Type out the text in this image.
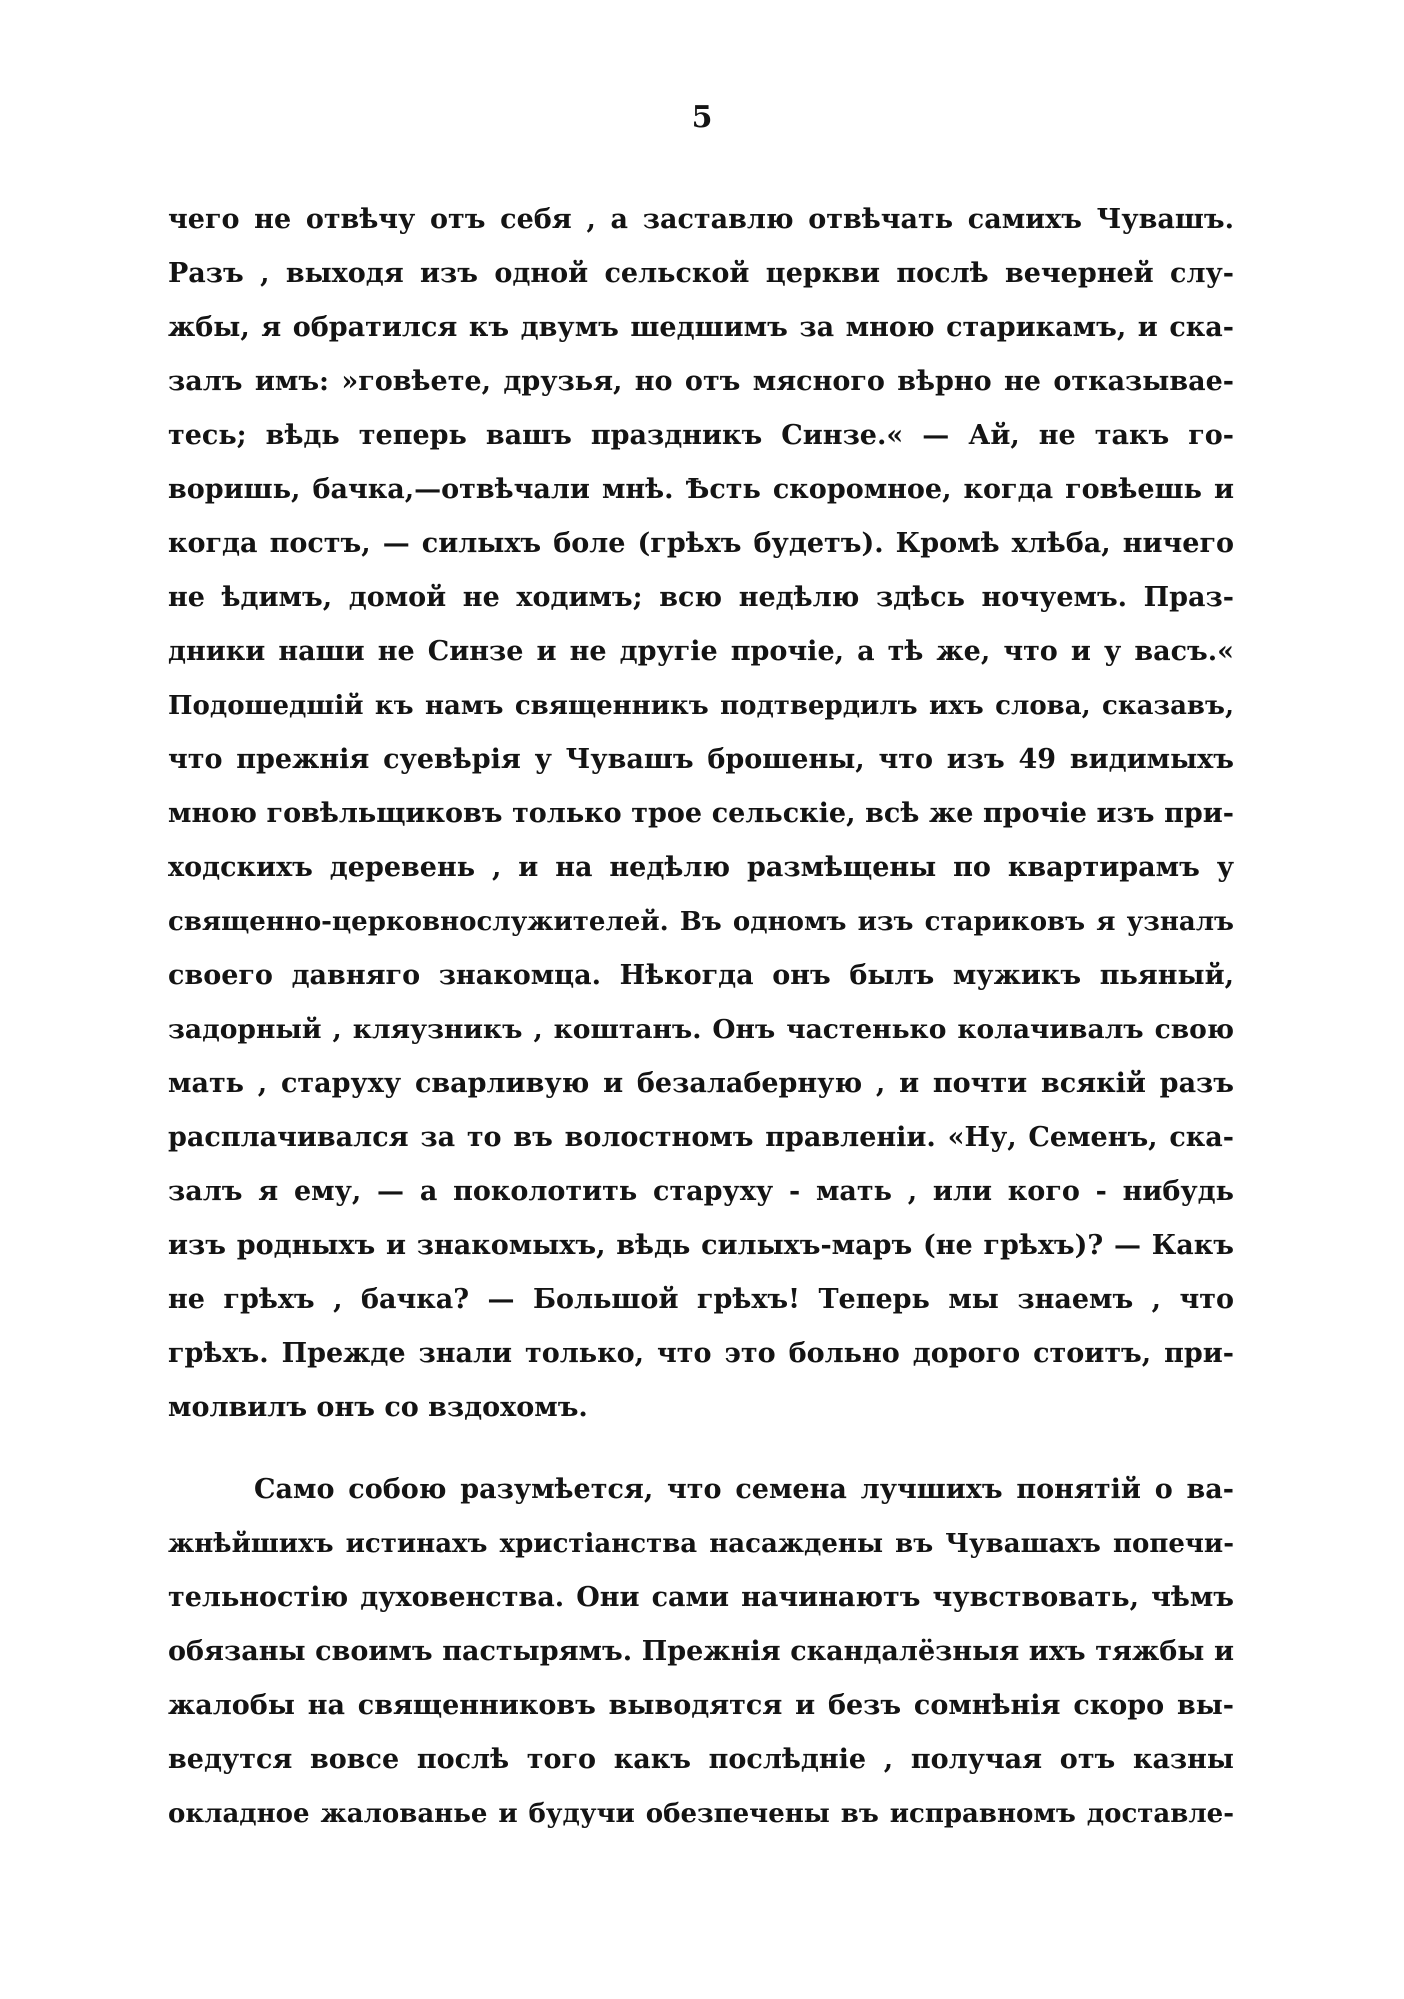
5
чего не отвѣчу отъ себя , а заставлю отвѣчать самихъ Чувашъ.
Разъ , выходя изъ одной сельской церкви послѣ вечерней слу-
жбы, я обратился къ двумъ шедшимъ за мною старикамъ, и ска-
залъ имъ: »говѣете, друзья, но отъ мясного вѣрно не отказывае-
тесь; вѣдь теперь вашъ праздникъ Синзе.« — Ай, не такъ го-
воришь, бачка,—отвѣчали мнѣ. Ѣсть скоромное, когда говѣешь и
когда постъ, — силыхъ боле (грѣхъ будетъ). Кромѣ хлѣба, ничего
не ѣдимъ, домой не ходимъ; всю недѣлю здѣсь ночуемъ. Праз-
дники наши не Синзе и не другiе прочiе, а тѣ же, что и у васъ.«
Подошедшiй къ намъ священникъ подтвердилъ ихъ слова, сказавъ,
что прежнiя суевѣрiя у Чувашъ брошены, что изъ 49 видимыхъ
мною говѣльщиковъ только трое сельскiе, всѣ же прочiе изъ при-
ходскихъ деревень , и на недѣлю размѣщены по квартирамъ у
священно-церковнослужителей. Въ одномъ изъ стариковъ я узналъ
своего давняго знакомца. Нѣкогда онъ былъ мужикъ пьяный,
задорный , кляузникъ , коштанъ. Онъ частенько колачивалъ свою
мать , старуху сварливую и безалаберную , и почти всякiй разъ
расплачивался за то въ волостномъ правленiи. «Ну, Семенъ, ска-
залъ я ему, — а поколотить старуху - мать , или кого - нибудь
изъ родныхъ и знакомыхъ, вѣдь силыхъ-маръ (не грѣхъ)? — Какъ
не грѣхъ , бачка? — Большой грѣхъ! Теперь мы знаемъ , что
грѣхъ. Прежде знали только, что это больно дорого стоитъ, при-
молвилъ онъ со вздохомъ.
Само собою разумѣется, что семена лучшихъ понятiй о ва-
жнѣйшихъ истинахъ христiанства насаждены въ Чувашахъ попечи-
тельностiю духовенства. Они сами начинаютъ чувствовать, чѣмъ
обязаны своимъ пастырямъ. Прежнiя скандалёзныя ихъ тяжбы и
жалобы на священниковъ выводятся и безъ сомнѣнiя скоро вы-
ведутся вовсе послѣ того какъ послѣднiе , получая отъ казны
окладное жалованье и будучи обезпечены въ исправномъ доставле-
